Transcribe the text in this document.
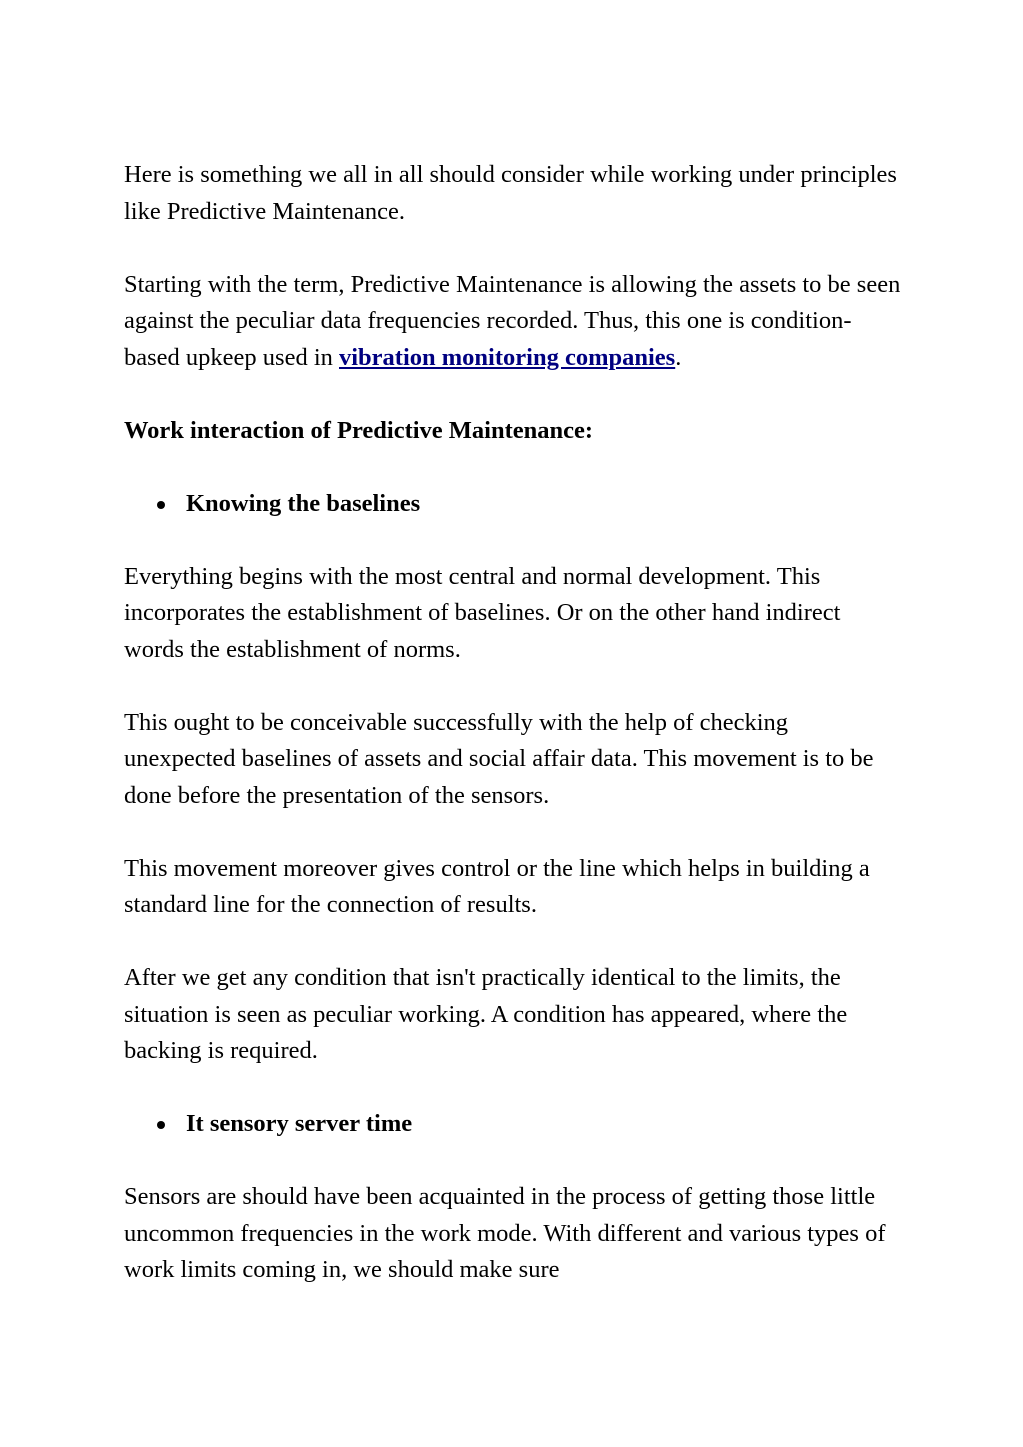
Here is something we all in all should consider while working under principles like Predictive Maintenance.

Starting with the term, Predictive Maintenance is allowing the assets to be seen against the peculiar data frequencies recorded. Thus, this one is condition-based upkeep used in vibration monitoring companies.

Work interaction of Predictive Maintenance:
Knowing the baselines

Everything begins with the most central and normal development. This incorporates the establishment of baselines. Or on the other hand indirect words the establishment of norms.

This ought to be conceivable successfully with the help of checking unexpected baselines of assets and social affair data. This movement is to be done before the presentation of the sensors.

This movement moreover gives control or the line which helps in building a standard line for the connection of results.

After we get any condition that isn't practically identical to the limits, the situation is seen as peculiar working. A condition has appeared, where the backing is required.

It sensory server time

Sensors are should have been acquainted in the process of getting those little uncommon frequencies in the work mode. With different and various types of work limits coming in, we should make sure
